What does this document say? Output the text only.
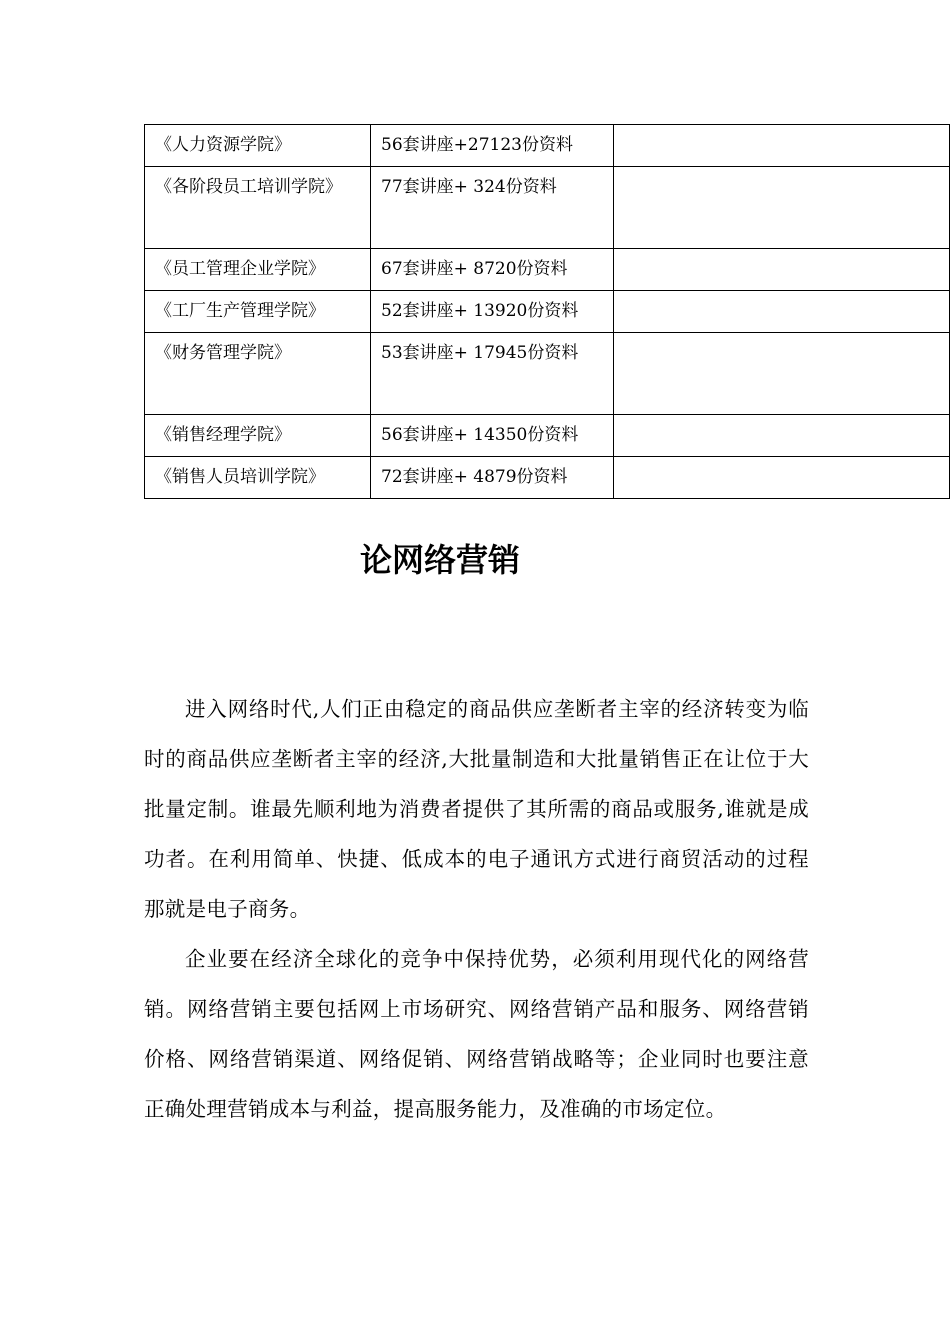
《人力资源学院》	56套讲座+27123份资料	
《各阶段员工培训学院》	77套讲座+ 324份资料	
《员工管理企业学院》	67套讲座+ 8720份资料	
《工厂生产管理学院》	52套讲座+ 13920份资料	
《财务管理学院》	53套讲座+ 17945份资料	
《销售经理学院》	56套讲座+ 14350份资料	
《销售人员培训学院》	72套讲座+ 4879份资料	
论网络营销

进入网络时代,人们正由稳定的商品供应垄断者主宰的经济转变为临时的商品供应垄断者主宰的经济,大批量制造和大批量销售正在让位于大批量定制。谁最先顺利地为消费者提供了其所需的商品或服务,谁就是成功者。在利用简单、快捷、低成本的电子通讯方式进行商贸活动的过程那就是电子商务。

企业要在经济全球化的竞争中保持优势，必须利用现代化的网络营销。网络营销主要包括网上市场研究、网络营销产品和服务、网络营销价格、网络营销渠道、网络促销、网络营销战略等；企业同时也要注意正确处理营销成本与利益，提高服务能力，及准确的市场定位。
